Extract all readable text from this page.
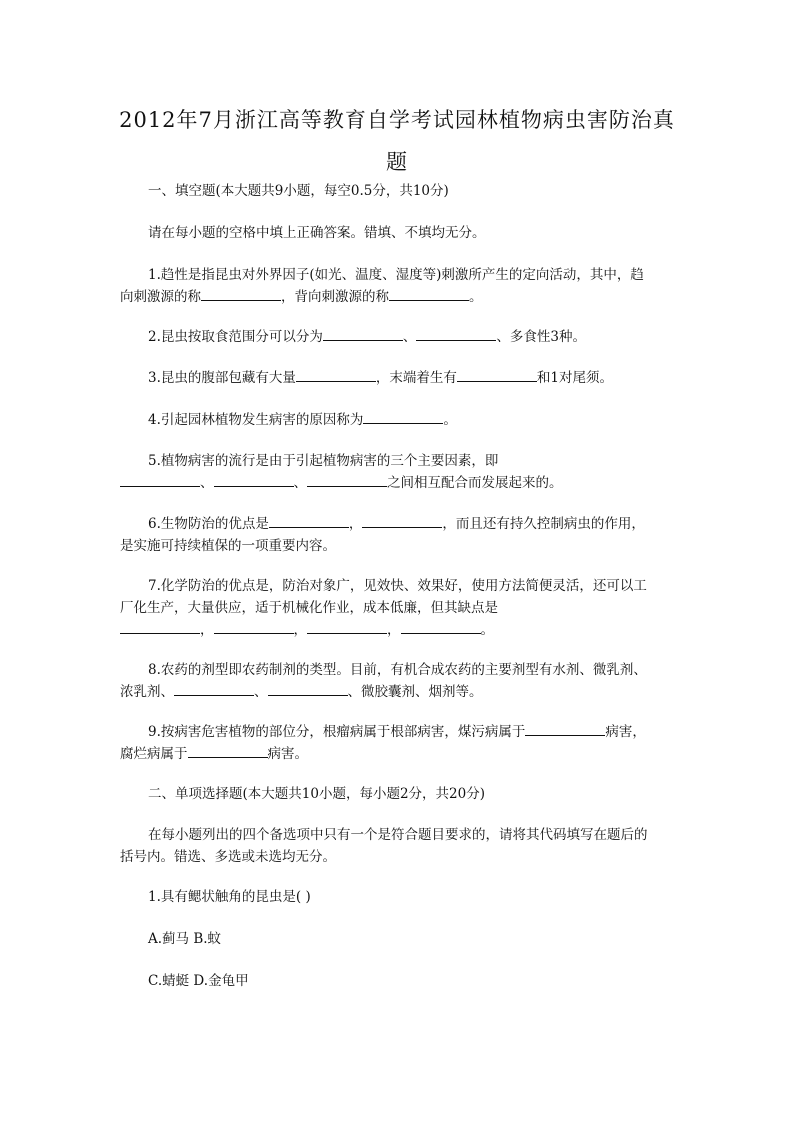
2012年7月浙江高等教育自学考试园林植物病虫害防治真
题
一、填空题(本大题共9小题，每空0.5分，共10分)
请在每小题的空格中填上正确答案。错填、不填均无分。
1.趋性是指昆虫对外界因子(如光、温度、湿度等)刺激所产生的定向活动，其中，趋
向刺激源的称	，背向刺激源的称	。
2.昆虫按取食范围分可以分为	、	、多食性3种。
3.昆虫的腹部包藏有大量	，末端着生有	和1对尾须。
4.引起园林植物发生病害的原因称为	。
5.植物病害的流行是由于引起植物病害的三个主要因素，即
、	、	之间相互配合而发展起来的。
6.生物防治的优点是	，	，而且还有持久控制病虫的作用，
是实施可持续植保的一项重要内容。
7.化学防治的优点是，防治对象广，见效快、效果好，使用方法简便灵活，还可以工
厂化生产，大量供应，适于机械化作业，成本低廉，但其缺点是
，	，	，	。
8.农药的剂型即农药制剂的类型。目前，有机合成农药的主要剂型有水剂、微乳剂、
浓乳剂、	、	、微胶囊剂、烟剂等。
9.按病害危害植物的部位分，根瘤病属于根部病害，煤污病属于	病害，
腐烂病属于	病害。
二、单项选择题(本大题共10小题，每小题2分，共20分)
在每小题列出的四个备选项中只有一个是符合题目要求的，请将其代码填写在题后的
括号内。错选、多选或未选均无分。
1.具有鳃状触角的昆虫是( )
A.蓟马 B.蚊
C.蜻蜓 D.金龟甲
